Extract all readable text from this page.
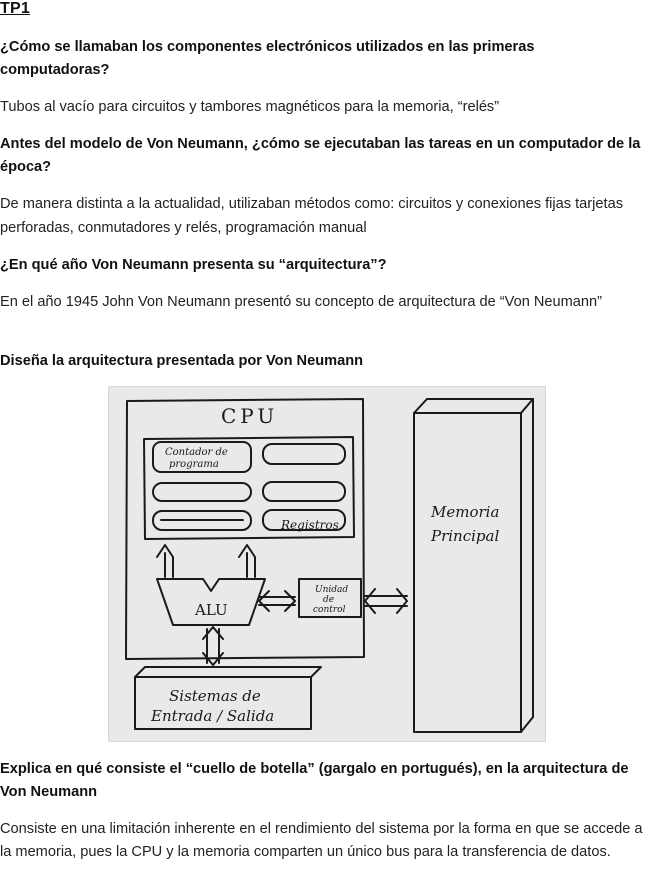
TP1
¿Cómo se llamaban los componentes electrónicos utilizados en las primeras computadoras?
Tubos al vacío para circuitos y tambores magnéticos para la memoria, “relés”
Antes del modelo de Von Neumann, ¿cómo se ejecutaban las tareas en un computador de la época?
De manera distinta a la actualidad, utilizaban métodos como: circuitos y conexiones fijas tarjetas perforadas, conmutadores y relés, programación manual
¿En qué año Von Neumann presenta su “arquitectura”?
En el año 1945 John Von Neumann presentó su concepto de arquitectura de “Von Neumann”
Diseña la arquitectura presentada por Von Neumann
CPU
Contador de
programa
Registros
ALU
Unidad
de
control
Memoria
Principal
Sistemas de
Entrada / Salida
Explica en qué consiste el “cuello de botella” (gargalo en portugués), en la arquitectura de Von Neumann
Consiste en una limitación inherente en el rendimiento del sistema por la forma en que se accede a la memoria, pues la CPU y la memoria comparten un único bus para la transferencia de datos.
